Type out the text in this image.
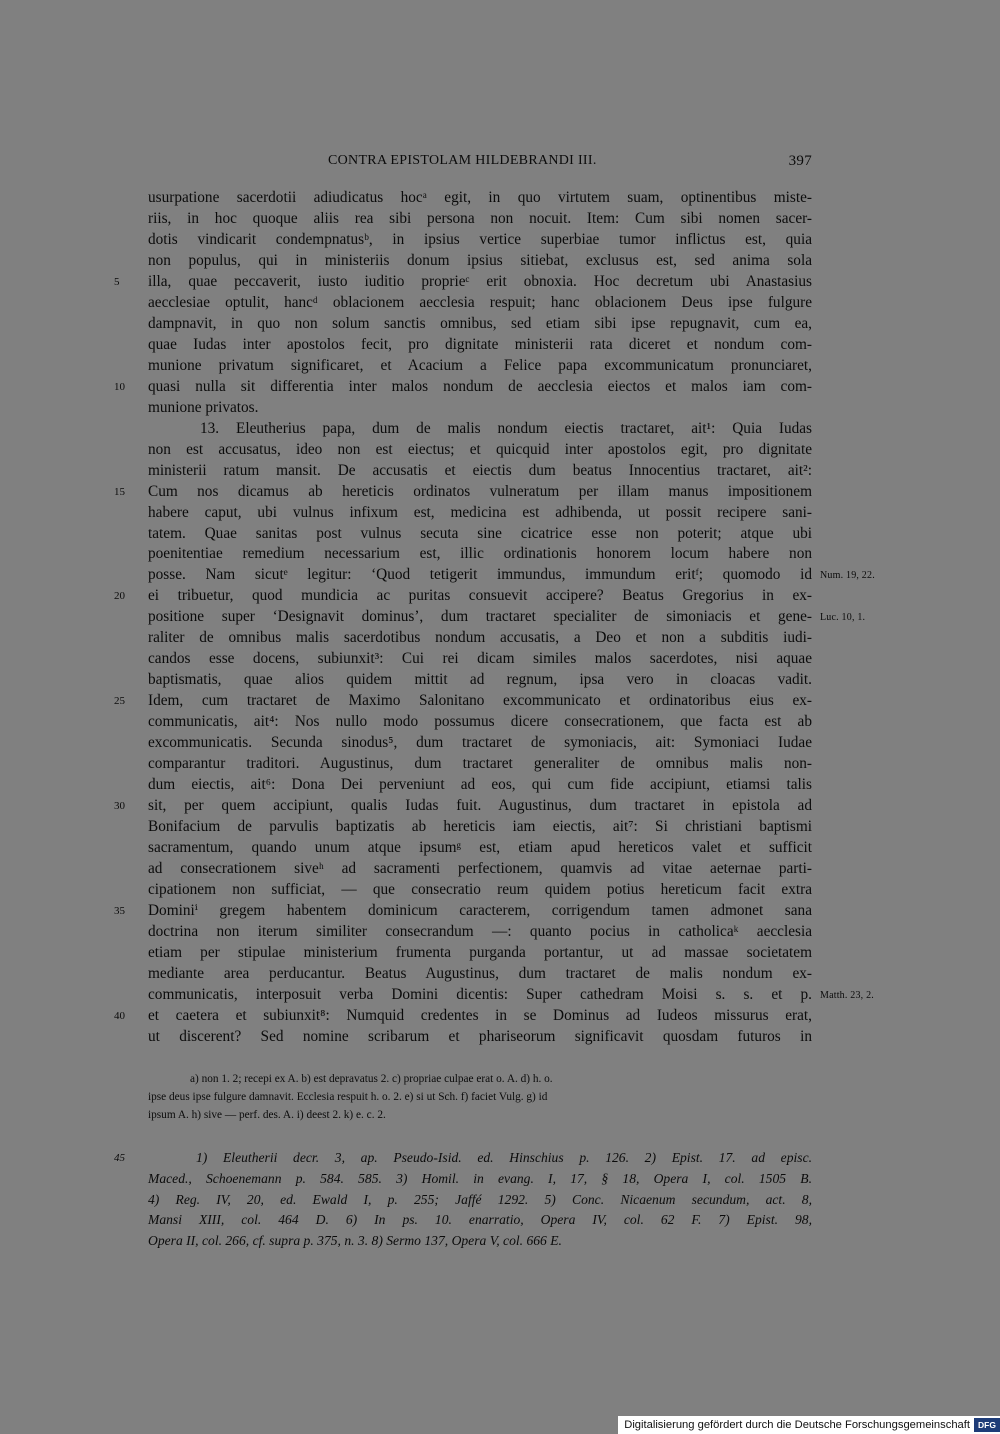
CONTRA EPISTOLAM HILDEBRANDI III.	397
usurpatione sacerdotii adiudicatus hocᵃ egit, in quo virtutem suam, optinentibus miste-
riis, in hoc quoque aliis rea sibi persona non nocuit. Item: Cum sibi nomen sacer-
dotis vindicarit condempnatusᵇ, in ipsius vertice superbiae tumor inflictus est, quia
non populus, qui in ministeriis donum ipsius sitiebat, exclusus est, sed anima sola
illa, quae peccaverit, iusto iuditio proprieᶜ erit obnoxia. Hoc decretum ubi Anastasius
5
aecclesiae optulit, hancᵈ oblacionem aecclesia respuit; hanc oblacionem Deus ipse fulgure
dampnavit, in quo non solum sanctis omnibus, sed etiam sibi ipse repugnavit, cum ea,
quae Iudas inter apostolos fecit, pro dignitate ministerii rata diceret et nondum com-
munione privatum significaret, et Acacium a Felice papa excommunicatum pronunciaret,
quasi nulla sit differentia inter malos nondum de aecclesia eiectos et malos iam com-
10
munione privatos.
13. Eleutherius papa, dum de malis nondum eiectis tractaret, ait¹: Quia Iudas
non est accusatus, ideo non est eiectus; et quicquid inter apostolos egit, pro dignitate
ministerii ratum mansit. De accusatis et eiectis dum beatus Innocentius tractaret, ait²:
Cum nos dicamus ab hereticis ordinatos vulneratum per illam manus impositionem
15
habere caput, ubi vulnus infixum est, medicina est adhibenda, ut possit recipere sani-
tatem. Quae sanitas post vulnus secuta sine cicatrice esse non poterit; atque ubi
poenitentiae remedium necessarium est, illic ordinationis honorem locum habere non
posse. Nam sicutᵉ legitur: ‘Quod tetigerit immundus, immundum eritᶠ; quomodo id Num. 19, 22.
ei tribuetur, quod mundicia ac puritas consuevit accipere? Beatus Gregorius in ex-
20
positione super ‘Designavit dominus’, dum tractaret specialiter de simoniacis et gene- Luc. 10, 1.
raliter de omnibus malis sacerdotibus nondum accusatis, a Deo et non a subditis iudi-
candos esse docens, subiunxit³: Cui rei dicam similes malos sacerdotes, nisi aquae
baptismatis, quae alios quidem mittit ad regnum, ipsa vero in cloacas vadit.
Idem, cum tractaret de Maximo Salonitano excommunicato et ordinatoribus eius ex-
25
communicatis, ait⁴: Nos nullo modo possumus dicere consecrationem, que facta est ab
excommunicatis. Secunda sinodus⁵, dum tractaret de symoniacis, ait: Symoniaci Iudae
comparantur traditori. Augustinus, dum tractaret generaliter de omnibus malis non-
dum eiectis, ait⁶: Dona Dei perveniunt ad eos, qui cum fide accipiunt, etiamsi talis
sit, per quem accipiunt, qualis Iudas fuit. Augustinus, dum tractaret in epistola ad
30
Bonifacium de parvulis baptizatis ab hereticis iam eiectis, ait⁷: Si christiani baptismi
sacramentum, quando unum atque ipsumᵍ est, etiam apud hereticos valet et sufficit
ad consecrationem siveʰ ad sacramenti perfectionem, quamvis ad vitae aeternae parti-
cipationem non sufficiat, — que consecratio reum quidem potius hereticum facit extra
Dominiⁱ gregem habentem dominicum caracterem, corrigendum tamen admonet sana
35
doctrina non iterum similiter consecrandum —: quanto pocius in catholicaᵏ aecclesia
etiam per stipulae ministerium frumenta purganda portantur, ut ad massae societatem
mediante area perducantur. Beatus Augustinus, dum tractaret de malis nondum ex-
communicatis, interposuit verba Domini dicentis: Super cathedram Moisi s. s. et p. Matth. 23, 2.
et caetera et subiunxit⁸: Numquid credentes in se Dominus ad Iudeos missurus erat,
40
ut discerent? Sed nomine scribarum et phariseorum significavit quosdam futuros in
a) non 1. 2; recepi ex A. b) est depravatus 2. c) propriae culpae erat o. A. d) h. o.
ipse deus ipse fulgure damnavit. Ecclesia respuit h. o. 2. e) si ut Sch. f) faciet Vulg. g) id
ipsum A. h) sive — perf. des. A. i) deest 2. k) e. c. 2.
1) Eleutherii decr. 3, ap. Pseudo-Isid. ed. Hinschius p. 126. 2) Epist. 17. ad episc.
45
Maced., Schoenemann p. 584. 585. 3) Homil. in evang. I, 17, § 18, Opera I, col. 1505 B.
4) Reg. IV, 20, ed. Ewald I, p. 255; Jaffé 1292. 5) Conc. Nicaenum secundum, act. 8,
Mansi XIII, col. 464 D. 6) In ps. 10. enarratio, Opera IV, col. 62 F. 7) Epist. 98,
Opera II, col. 266, cf. supra p. 375, n. 3. 8) Sermo 137, Opera V, col. 666 E.
Digitalisierung gefördert durch die Deutsche Forschungsgemeinschaft DFG
